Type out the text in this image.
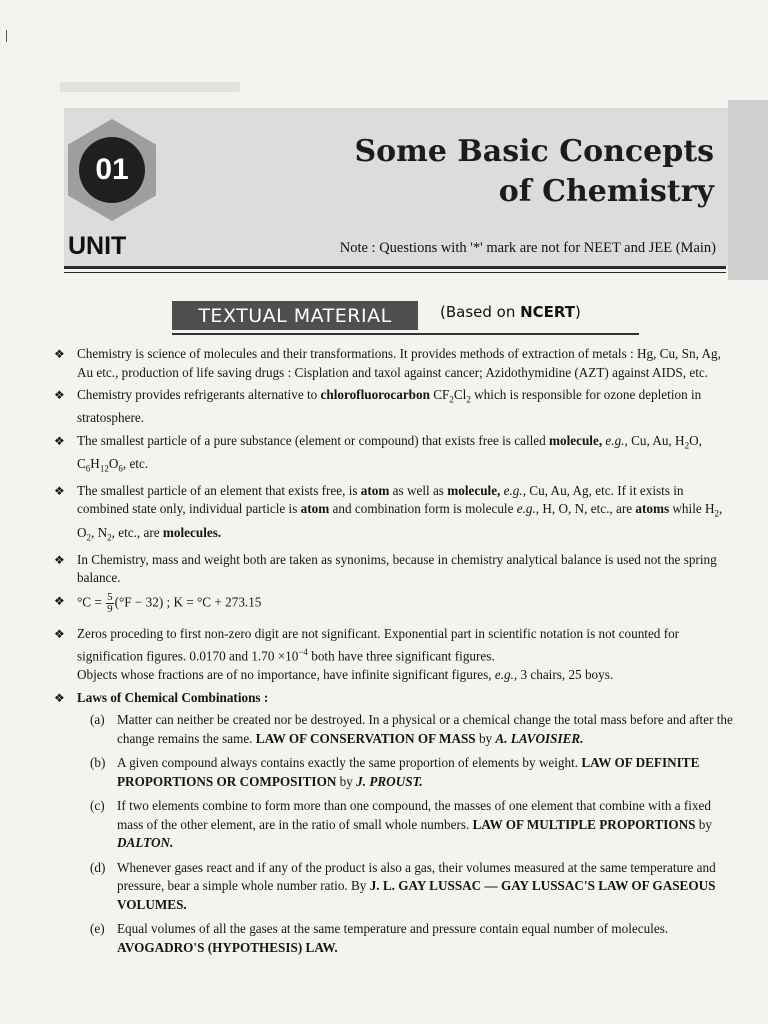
01
UNIT
Some Basic Concepts
of Chemistry
Note : Questions with '*' mark are not for NEET and JEE (Main)
TEXTUAL MATERIAL	(Based on NCERT)
❖ Chemistry is science of molecules and their transformations. It provides methods of extraction of metals : Hg, Cu, Sn, Ag, Au etc., production of life saving drugs : Cisplation and taxol against cancer; Azidothymidine (AZT) against AIDS, etc.
❖ Chemistry provides refrigerants alternative to chlorofluorocarbon $CF_2Cl_2$ which is responsible for ozone depletion in stratosphere.
❖ The smallest particle of a pure substance (element or compound) that exists free is called molecule, e.g., Cu, Au, $H_2O$, $C_6H_{12}O_6$, etc.
❖ The smallest particle of an element that exists free, is atom as well as molecule, e.g., Cu, Au, Ag, etc. If it exists in combined state only, individual particle is atom and combination form is molecule e.g., H, O, N, etc., are atoms while $H_2$, $O_2$, $N_2$, etc., are molecules.
❖ In Chemistry, mass and weight both are taken as synonims, because in chemistry analytical balance is used not the spring balance.
❖ $^\circ C = \frac{5}{9} (^\circ F - 32)$ ; K = °C + 273.15
❖ Zeros proceding to first non-zero digit are not significant. Exponential part in scientific notation is not counted for signification figures. 0.0170 and $1.70 \times 10^{-4}$ both have three significant figures.
Objects whose fractions are of no importance, have infinite significant figures, e.g., 3 chairs, 25 boys.
❖ Laws of Chemical Combinations :
(a) Matter can neither be created nor be destroyed. In a physical or a chemical change the total mass before and after the change remains the same. LAW OF CONSERVATION OF MASS by A. LAVOISIER.
(b) A given compound always contains exactly the same proportion of elements by weight. LAW OF DEFINITE PROPORTIONS OR COMPOSITION by J. PROUST.
(c) If two elements combine to form more than one compound, the masses of one element that combine with a fixed mass of the other element, are in the ratio of small whole numbers. LAW OF MULTIPLE PROPORTIONS by DALTON.
(d) Whenever gases react and if any of the product is also a gas, their volumes measured at the same temperature and pressure, bear a simple whole number ratio. By J. L. GAY LUSSAC — GAY LUSSAC'S LAW OF GASEOUS VOLUMES.
(e) Equal volumes of all the gases at the same temperature and pressure contain equal number of molecules. AVOGADRO'S (HYPOTHESIS) LAW.
